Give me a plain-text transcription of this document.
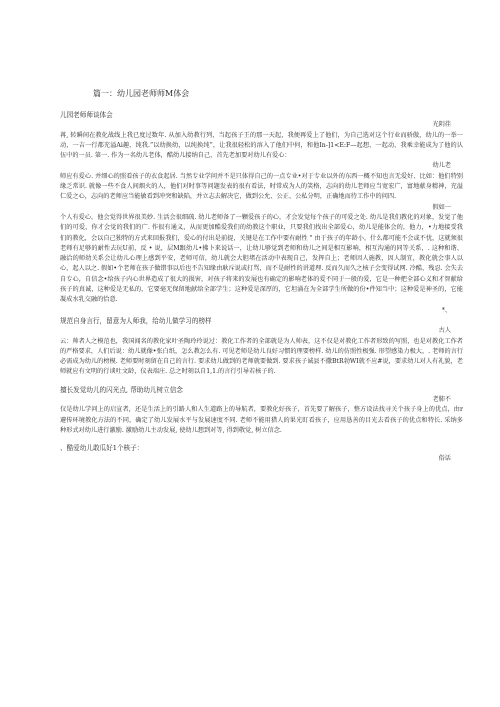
篇一：幼儿园老师师M体会
儿园老师师谈体会
光阴荏
苒, 转瞬间在教化战线上我已度过数年. 从加入幼教行列，当起孩子王的那一天起，我便再爱上了他们，为自己选对这个行业而骄傲，幼儿的一举一动，一吉一行都充溢Ai趣、纯我.”以幼换幼，以纯换纯”，让我很轻松的溶入了他们中何，和他In-]1<E:F—起想，一起动，我乘幸能成为了他的认伍中的一员. 第一. 作为一名幼儿老体，酷幼儿接纳自己，首先老加要对幼儿有爱心：
幼儿老
师应有爱心. 并细心的照看孩子的衣食起居. 当然专业学问并不是只体得自己的一点专业•对于专业以外的东西一概不知也言无爱好、比如：他们特别缘乏常识. 就像一些不食人间烟火的人，他们对时事等问题发表的很有看法，时常成为人的笑格，志向的幼儿老师应当宽宏广，富地献身精神，充溢仁爱之心，志向的老师应当能敏看到冲突和缺陷，并立志去解决它，做到公允、公正、公私分明，正确地而待工作中的问四.
假如一
个人有爱心，他会觉得世界很美妙. 生活会很细疏. 幼儿老师备了一颗爱孩子的心，才会发觉每个孩子的可爱之处. 幼儿是我们教化的对象，发觉了他们的可爱，你才会觉的我们的广. 作很有通义，从而更加酷爱我们的幼教这个职业，只要我们找出全部爱心，幼儿是能体会的，他力，•力地接受我们的教化，会以自己独特的方式来回报我们，爱心的付出是前提，关键是在工作中要有耐性 " 由于孩子的年龄小，什么都可能不会或不忧，这就须很老师有足够的耐性去玩U前，反 • 说，层M跟幼儿•拂卜来说话一，让幼儿够觉到老师和幼儿之间是相互影响，相互沟通的同等关系，. 这种和谐、融洽的师幼关系会让幼儿心理上感到平安，老师可信，幼儿就会大胆堵在活动中表现自己，发挥自上；老师因人施教，因人制宜，教化就会事人以心，起人以之. 假如•个老师在孩子做错事以后也不告知缘由耿斥说或打骂，而不是耐性的讲道理. 反而久而久之核子会变得试网. 冷酷、残忍. 会失去自专心，自信念•给孩子内心世界造成了很大的损害，对孩子将来的发展也有确定的影响老体的爱不同于一般的爱，它是一种把全部心义和才智献给孩子的真诚，这种爱是无私的，它要毫无保留地献给全部学生；这种爱是深厚的，它坦涌在为全部学生所做的份•件知当中；这种爱是神圣的，它能凝成水乳交融的恰意.
*、
规范自身言行，留意为人师我，给幼儿做学习的榜样
古人
云：帅者人之模范也，我国闻名的教化家叶圣陶玲玲说过：教化工作者的全部就是为人帅表，这不仅是对教化工作者形致的写照，也是对教化工作者的严格要求，人们后说：幼儿就像•张白纸，怎么教怎么有. 可见老师是幼儿良好习惯的理要榜样. 幼儿的仿照性极强. 形望感染力极大，. 老师的言行必需成为幼儿的榜模. 老师要时刻留在自己的言行. 要求幼儿做到的老师就要做到. 要求孩子诚县不撒BtR勃WI就不应#说，要求幼儿对人有礼貌，老师就应有文明的行谈吐文龄，仪表端庄. 总之时刻以自1,1.的言行引导若核子的.
擅长发觉幼儿的闪光点, 帮助幼儿树立信念
老肺不
仅是幼儿学问上的启宣者，还是生活上的引路人和人生道路上的导航者，要教化好孩子，首先要了解孩子，整方设法找寻关个孩子身上的优点，由r避传环境教化方法的不同，确定了幼儿发展水平与发展速度不同. 老师不能用猎人的果光盯看孩子，应用恳善的目光去看孩子的优点和特长. 采纳多种形式对幼儿进行激励. 激励幼儿主动发展, 使幼儿想到对等, 得到敬觉, 树立信念.
、酷爱幼儿敢瓜好1个核子：
俗话
